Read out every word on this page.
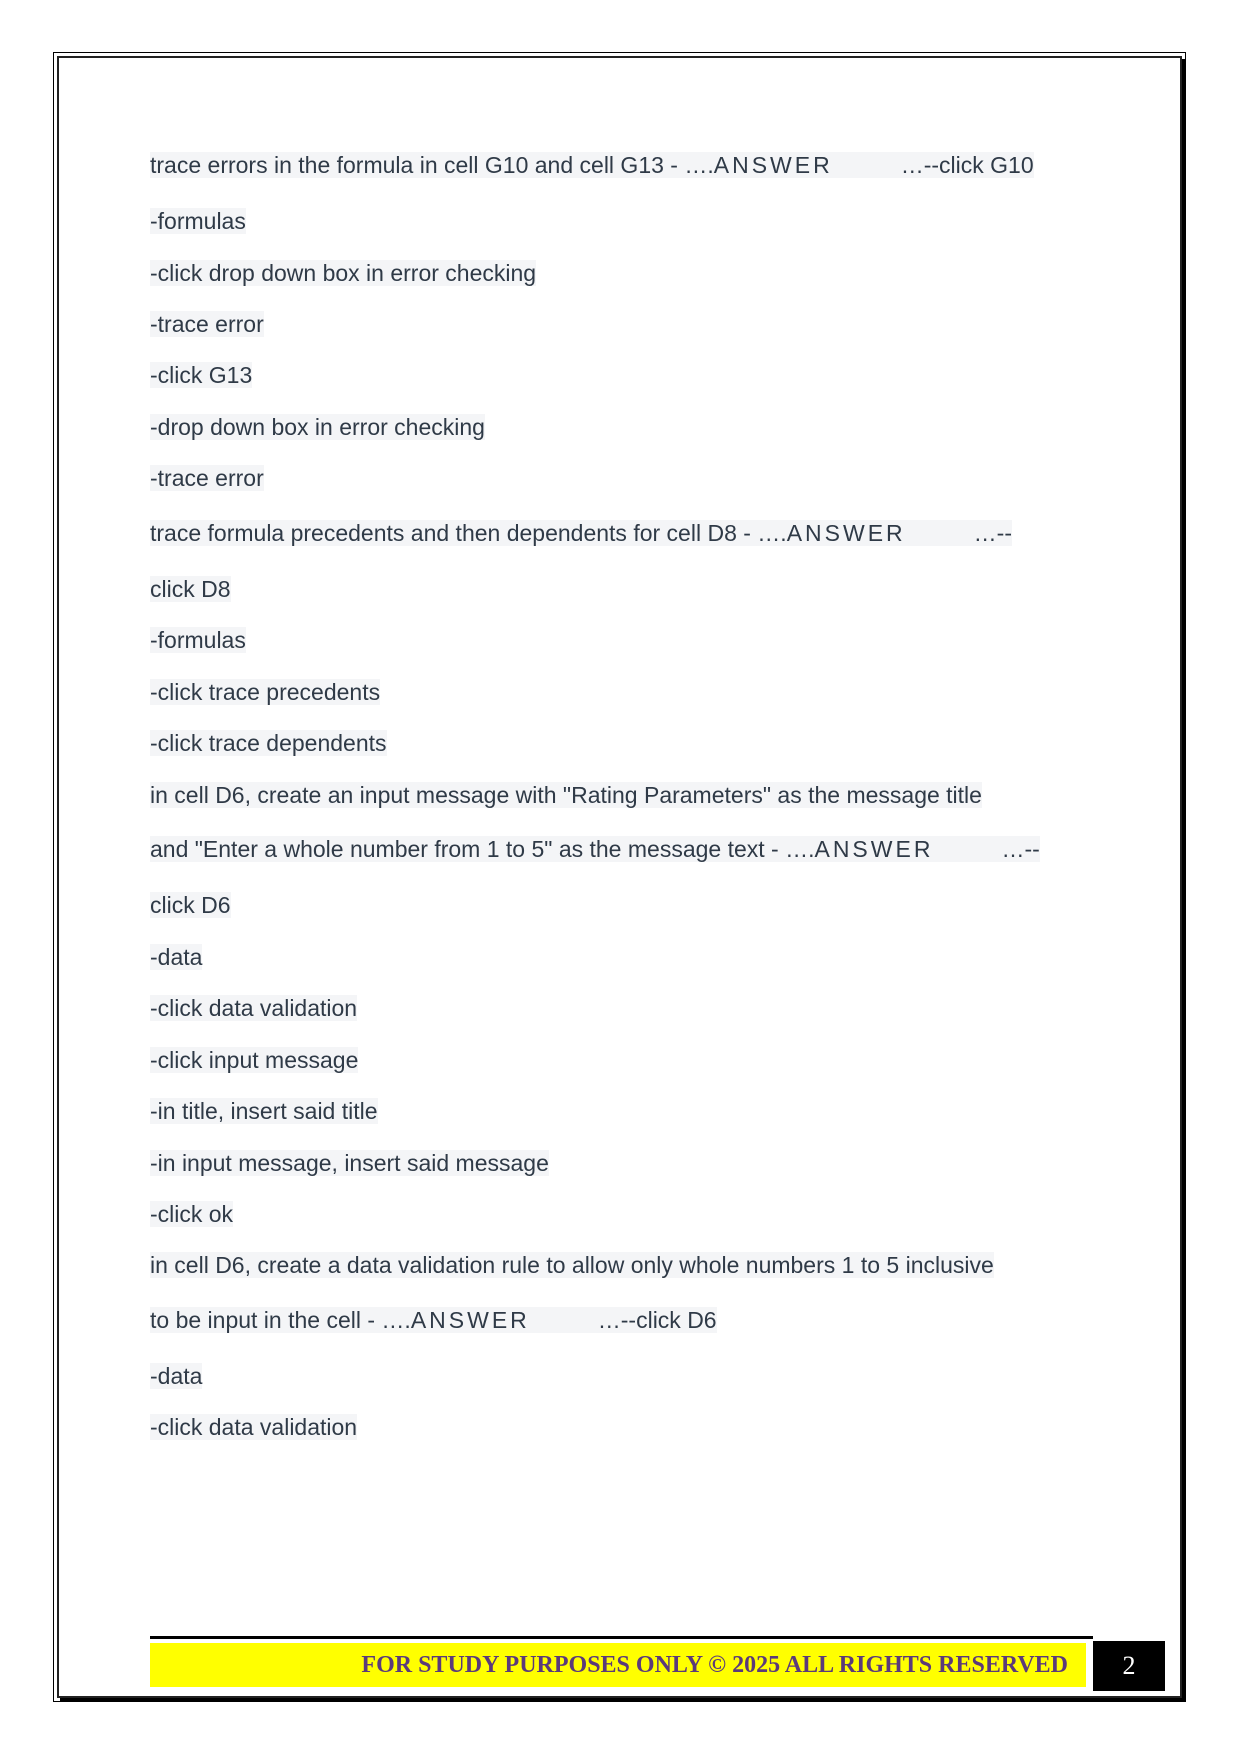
trace errors in the formula in cell G10 and cell G13 - ….ANSWER	…--click G10
-formulas
-click drop down box in error checking
-trace error
-click G13
-drop down box in error checking
-trace error
trace formula precedents and then dependents for cell D8 - ….ANSWER	…--
click D8
-formulas
-click trace precedents
-click trace dependents
in cell D6, create an input message with "Rating Parameters" as the message title
and "Enter a whole number from 1 to 5" as the message text - ….ANSWER	…--
click D6
-data
-click data validation
-click input message
-in title, insert said title
-in input message, insert said message
-click ok
in cell D6, create a data validation rule to allow only whole numbers 1 to 5 inclusive
to be input in the cell - ….ANSWER	…--click D6
-data
-click data validation
FOR STUDY PURPOSES ONLY © 2025 ALL RIGHTS RESERVED	2
